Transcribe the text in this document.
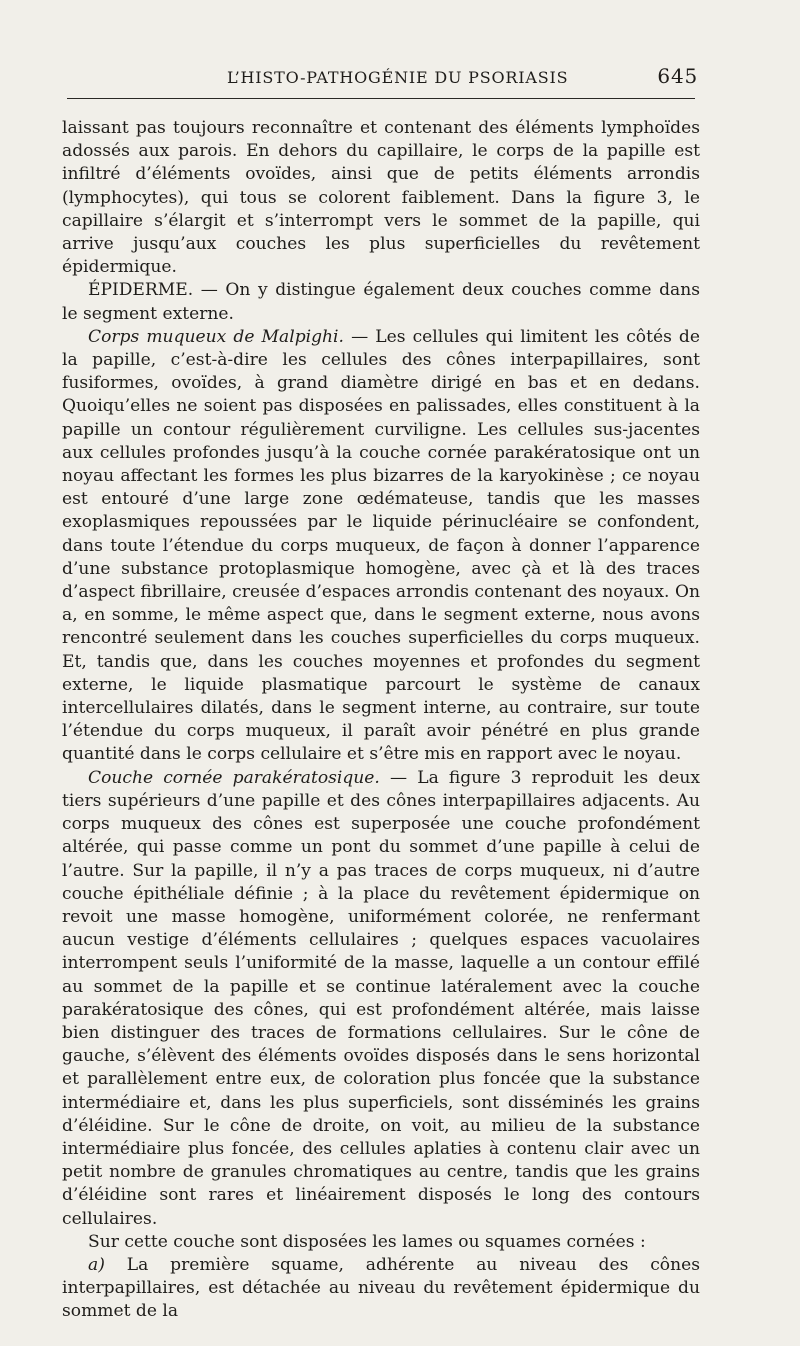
L’HISTO-PATHOGÉNIE DU PSORIASIS	645

laissant pas toujours reconnaître et contenant des éléments lymphoïdes adossés aux parois. En dehors du capillaire, le corps de la papille est infiltré d’éléments ovoïdes, ainsi que de petits éléments arrondis (lymphocytes), qui tous se colorent faiblement. Dans la figure 3, le capillaire s’élargit et s’interrompt vers le sommet de la papille, qui arrive jusqu’aux couches les plus superficielles du revêtement épidermique.

ÉPIDERME. — On y distingue également deux couches comme dans le segment externe.

Corps muqueux de Malpighi. — Les cellules qui limitent les côtés de la papille, c’est-à-dire les cellules des cônes interpapillaires, sont fusiformes, ovoïdes, à grand diamètre dirigé en bas et en dedans. Quoiqu’elles ne soient pas disposées en palissades, elles constituent à la papille un contour régulièrement curviligne. Les cellules sus-jacentes aux cellules profondes jusqu’à la couche cornée parakératosique ont un noyau affectant les formes les plus bizarres de la karyokinèse ; ce noyau est entouré d’une large zone œdémateuse, tandis que les masses exoplasmiques repoussées par le liquide périnucléaire se confondent, dans toute l’étendue du corps muqueux, de façon à donner l’apparence d’une substance protoplasmique homogène, avec çà et là des traces d’aspect fibrillaire, creusée d’espaces arrondis contenant des noyaux. On a, en somme, le même aspect que, dans le segment externe, nous avons rencontré seulement dans les couches superficielles du corps muqueux. Et, tandis que, dans les couches moyennes et profondes du segment externe, le liquide plasmatique parcourt le système de canaux intercellulaires dilatés, dans le segment interne, au contraire, sur toute l’étendue du corps muqueux, il paraît avoir pénétré en plus grande quantité dans le corps cellulaire et s’être mis en rapport avec le noyau.

Couche cornée parakératosique. — La figure 3 reproduit les deux tiers supérieurs d’une papille et des cônes interpapillaires adjacents. Au corps muqueux des cônes est superposée une couche profondément altérée, qui passe comme un pont du sommet d’une papille à celui de l’autre. Sur la papille, il n’y a pas traces de corps muqueux, ni d’autre couche épithéliale définie ; à la place du revêtement épidermique on revoit une masse homogène, uniformément colorée, ne renfermant aucun vestige d’éléments cellulaires ; quelques espaces vacuolaires interrompent seuls l’uniformité de la masse, laquelle a un contour effilé au sommet de la papille et se continue latéralement avec la couche parakératosique des cônes, qui est profondément altérée, mais laisse bien distinguer des traces de formations cellulaires. Sur le cône de gauche, s’élèvent des éléments ovoïdes disposés dans le sens horizontal et parallèlement entre eux, de coloration plus foncée que la substance intermédiaire et, dans les plus superficiels, sont disséminés les grains d’éléidine. Sur le cône de droite, on voit, au milieu de la substance intermédiaire plus foncée, des cellules aplaties à contenu clair avec un petit nombre de granules chromatiques au centre, tandis que les grains d’éléidine sont rares et linéairement disposés le long des contours cellulaires.

Sur cette couche sont disposées les lames ou squames cornées :

a) La première squame, adhérente au niveau des cônes interpapillaires, est détachée au niveau du revêtement épidermique du sommet de la
